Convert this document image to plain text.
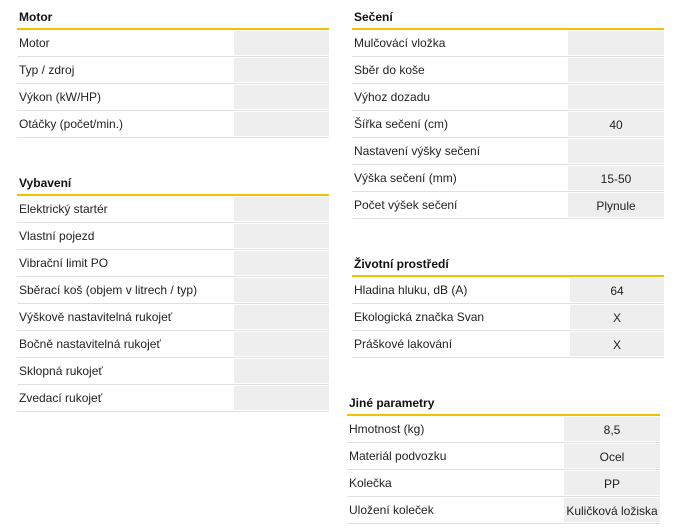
Motor
Motor
Typ / zdroj
Výkon (kW/HP)
Otáčky (počet/min.)
Vybavení
Elektrický startér
Vlastní pojezd
Vibrační limit PO
Sběrací koš (objem v litrech / typ)
Výškově nastavitelná rukojeť
Bočně nastavitelná rukojeť
Sklopná rukojeť
Zvedací rukojeť
Sečení
Mulčovácí vložka
Sběr do koše
Výhoz dozadu
Šířka sečení (cm)	40
Nastavení výšky sečení
Výška sečení (mm)	15-50
Počet výšek sečení	Plynule
Životní prostředí
Hladina hluku, dB (A)	64
Ekologická značka Svan	X
Práškové lakování	X
Jiné parametry
Hmotnost (kg)	8,5
Materiál podvozku	Ocel
Kolečka	PP
Uložení koleček	Kuličková ložiska
